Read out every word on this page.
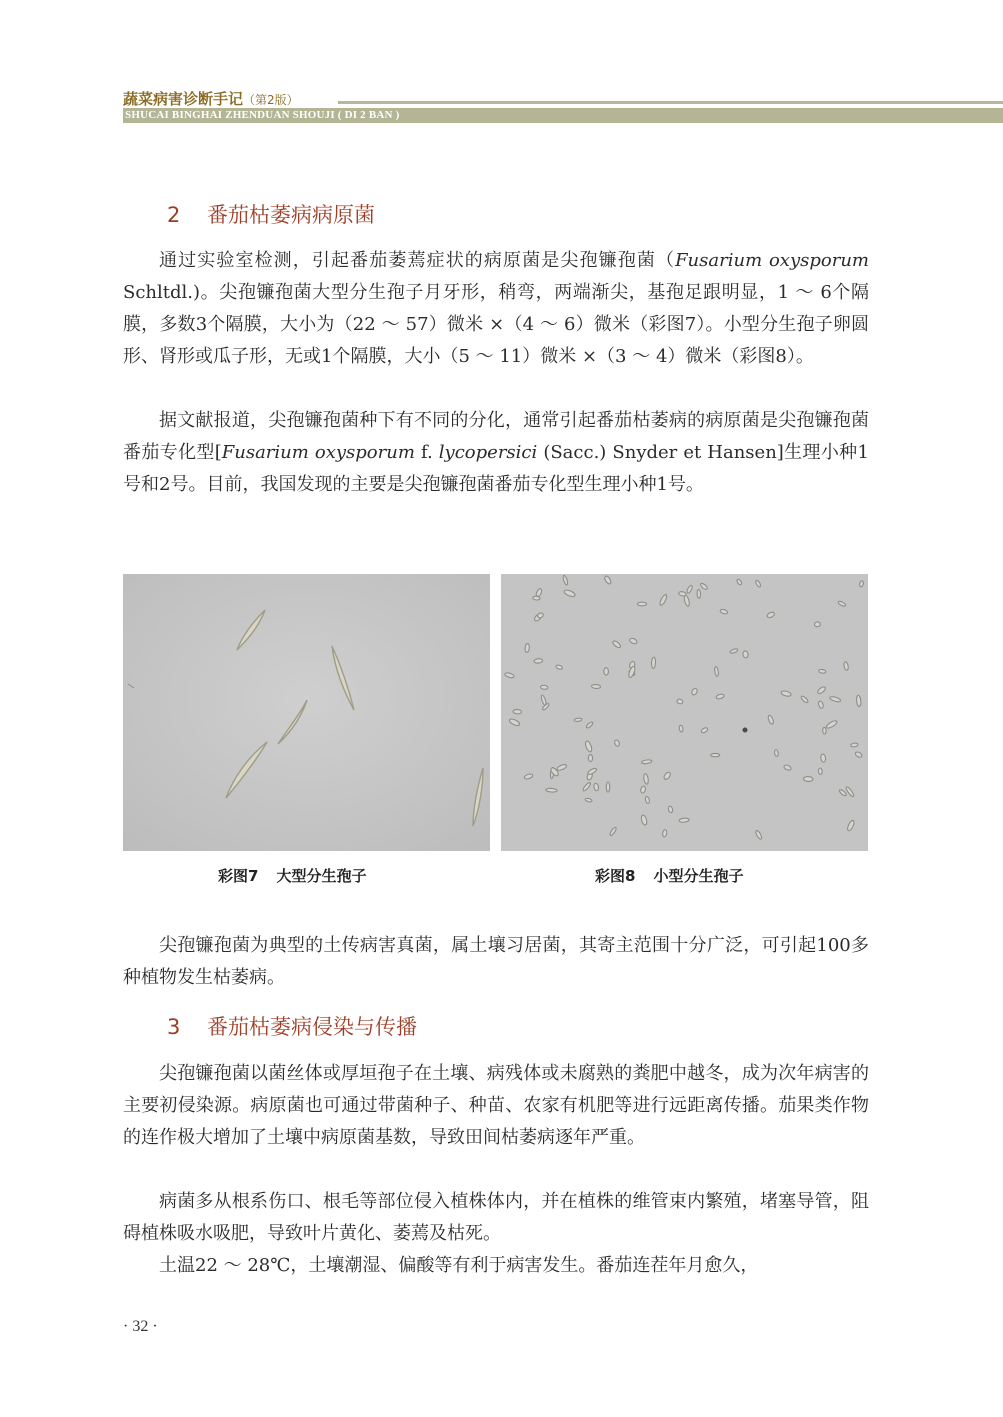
蔬菜病害诊断手记（第2版）
SHUCAI BINGHAI ZHENDUAN SHOUJI ( DI 2 BAN )
2 番茄枯萎病病原菌

通过实验室检测，引起番茄萎蔫症状的病原菌是尖孢镰孢菌（Fusarium oxysporum Schltdl.)。尖孢镰孢菌大型分生孢子月牙形，稍弯，两端渐尖，基孢足跟明显，1 ～ 6个隔膜，多数3个隔膜，大小为（22 ～ 57）微米 ×（4 ～ 6）微米（彩图7）。小型分生孢子卵圆形、肾形或瓜子形，无或1个隔膜，大小（5 ～ 11）微米 ×（3 ～ 4）微米（彩图8）。

据文献报道，尖孢镰孢菌种下有不同的分化，通常引起番茄枯萎病的病原菌是尖孢镰孢菌番茄专化型[Fusarium oxysporum f. lycopersici (Sacc.) Snyder et Hansen]生理小种1号和2号。目前，我国发现的主要是尖孢镰孢菌番茄专化型生理小种1号。

彩图7 大型分生孢子	彩图8 小型分生孢子

尖孢镰孢菌为典型的土传病害真菌，属土壤习居菌，其寄主范围十分广泛，可引起100多种植物发生枯萎病。

3 番茄枯萎病侵染与传播

尖孢镰孢菌以菌丝体或厚垣孢子在土壤、病残体或未腐熟的粪肥中越冬，成为次年病害的主要初侵染源。病原菌也可通过带菌种子、种苗、农家有机肥等进行远距离传播。茄果类作物的连作极大增加了土壤中病原菌基数，导致田间枯萎病逐年严重。

病菌多从根系伤口、根毛等部位侵入植株体内，并在植株的维管束内繁殖，堵塞导管，阻碍植株吸水吸肥，导致叶片黄化、萎蔫及枯死。

土温22 ～ 28℃，土壤潮湿、偏酸等有利于病害发生。番茄连茬年月愈久，

· 32 ·
